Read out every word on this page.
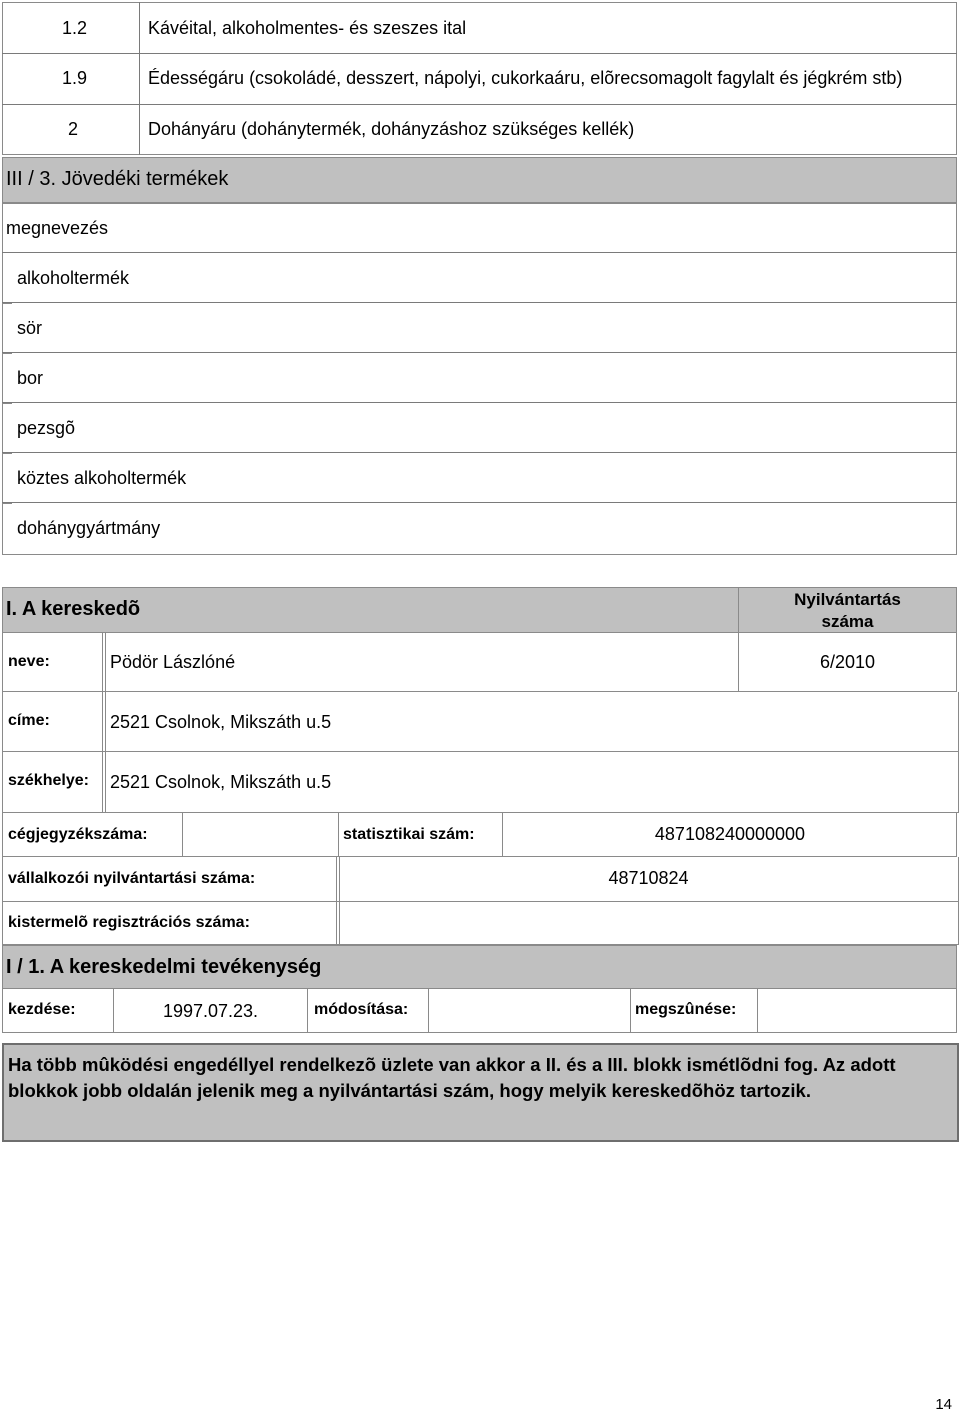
1.2	Kávéital, alkoholmentes- és szeszes ital
1.9	Édességáru (csokoládé, desszert, nápolyi, cukorkaáru, elõrecsomagolt fagylalt és jégkrém stb)
2	Dohányáru (dohánytermék, dohányzáshoz szükséges kellék)
III / 3. Jövedéki termékek
megnevezés
alkoholtermék
sör
bor
pezsgõ
köztes alkoholtermék
dohánygyártmány
I. A kereskedõ	Nyilvántartás
száma
neve:	Pödör Lászlóné	6/2010
címe:	2521 Csolnok, Mikszáth u.5
székhelye: 2521 Csolnok, Mikszáth u.5
cégjegyzékszáma:	statisztikai szám:	487108240000000
vállalkozói nyilvántartási száma:	48710824
kistermelõ regisztrációs száma:
I / 1. A kereskedelmi tevékenység
kezdése:	1997.07.23.	módosítása:	megszûnése:
Ha több mûködési engedéllyel rendelkezõ üzlete van akkor a II. és a III. blokk ismétlõdni fog. Az adott blokkok jobb oldalán jelenik meg a nyilvántartási szám, hogy melyik kereskedõhöz tartozik.
14
